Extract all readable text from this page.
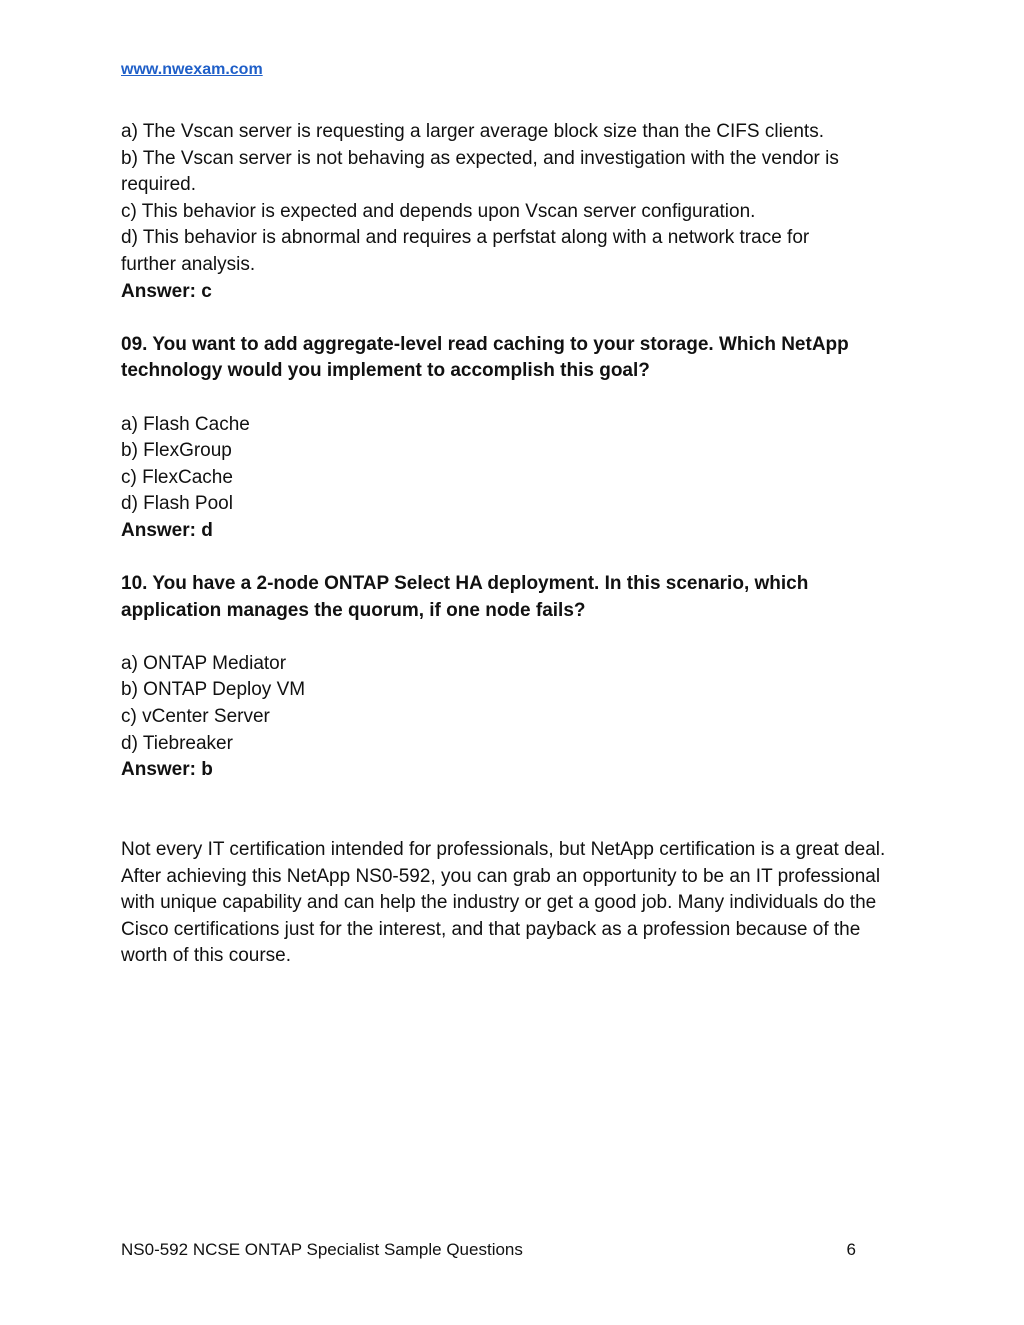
www.nwexam.com
a) The Vscan server is requesting a larger average block size than the CIFS clients.
b) The Vscan server is not behaving as expected, and investigation with the vendor is required.
c) This behavior is expected and depends upon Vscan server configuration.
d) This behavior is abnormal and requires a perfstat along with a network trace for further analysis.
Answer: c
09. You want to add aggregate-level read caching to your storage. Which NetApp technology would you implement to accomplish this goal?
a) Flash Cache
b) FlexGroup
c) FlexCache
d) Flash Pool
Answer: d
10. You have a 2-node ONTAP Select HA deployment. In this scenario, which application manages the quorum, if one node fails?
a) ONTAP Mediator
b) ONTAP Deploy VM
c) vCenter Server
d) Tiebreaker
Answer: b

Not every IT certification intended for professionals, but NetApp certification is a great deal. After achieving this NetApp NS0-592, you can grab an opportunity to be an IT professional with unique capability and can help the industry or get a good job. Many individuals do the Cisco certifications just for the interest, and that payback as a profession because of the worth of this course.

NS0-592 NCSE ONTAP Specialist Sample Questions	6
